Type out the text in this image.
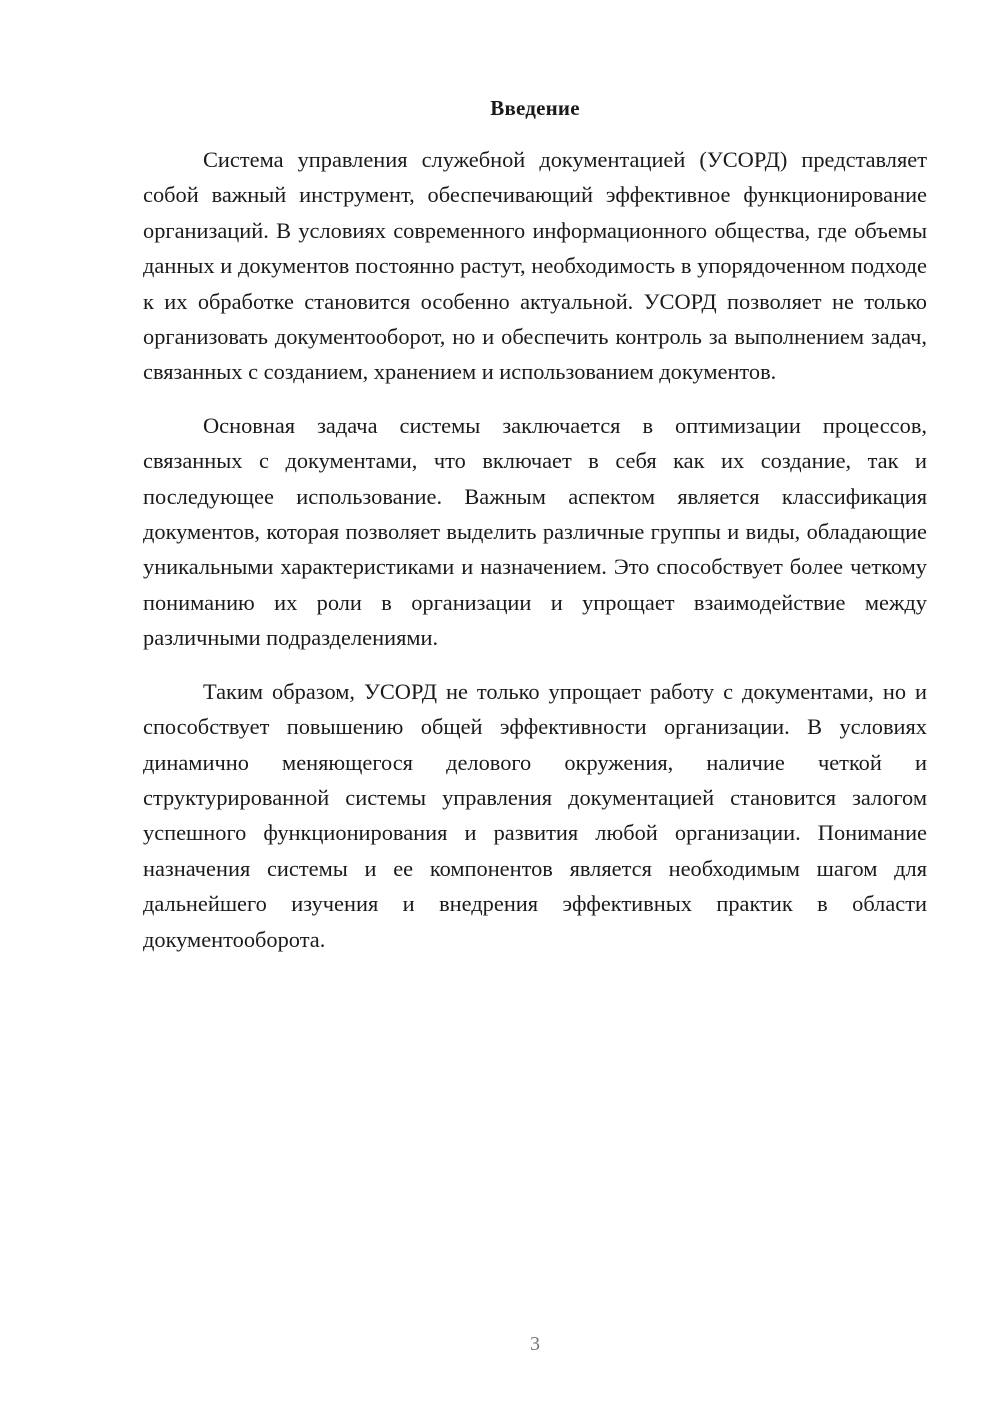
Введение

Система управления служебной документацией (УСОРД) представляет собой важный инструмент, обеспечивающий эффективное функционирование организаций. В условиях современного информационного общества, где объемы данных и документов постоянно растут, необходимость в упорядоченном подходе к их обработке становится особенно актуальной. УСОРД позволяет не только организовать документооборот, но и обеспечить контроль за выполнением задач, связанных с созданием, хранением и использованием документов.

Основная задача системы заключается в оптимизации процессов, связанных с документами, что включает в себя как их создание, так и последующее использование. Важным аспектом является классификация документов, которая позволяет выделить различные группы и виды, обладающие уникальными характеристиками и назначением. Это способствует более четкому пониманию их роли в организации и упрощает взаимодействие между различными подразделениями.

Таким образом, УСОРД не только упрощает работу с документами, но и способствует повышению общей эффективности организации. В условиях динамично меняющегося делового окружения, наличие четкой и структурированной системы управления документацией становится залогом успешного функционирования и развития любой организации. Понимание назначения системы и ее компонентов является необходимым шагом для дальнейшего изучения и внедрения эффективных практик в области документооборота.

3
